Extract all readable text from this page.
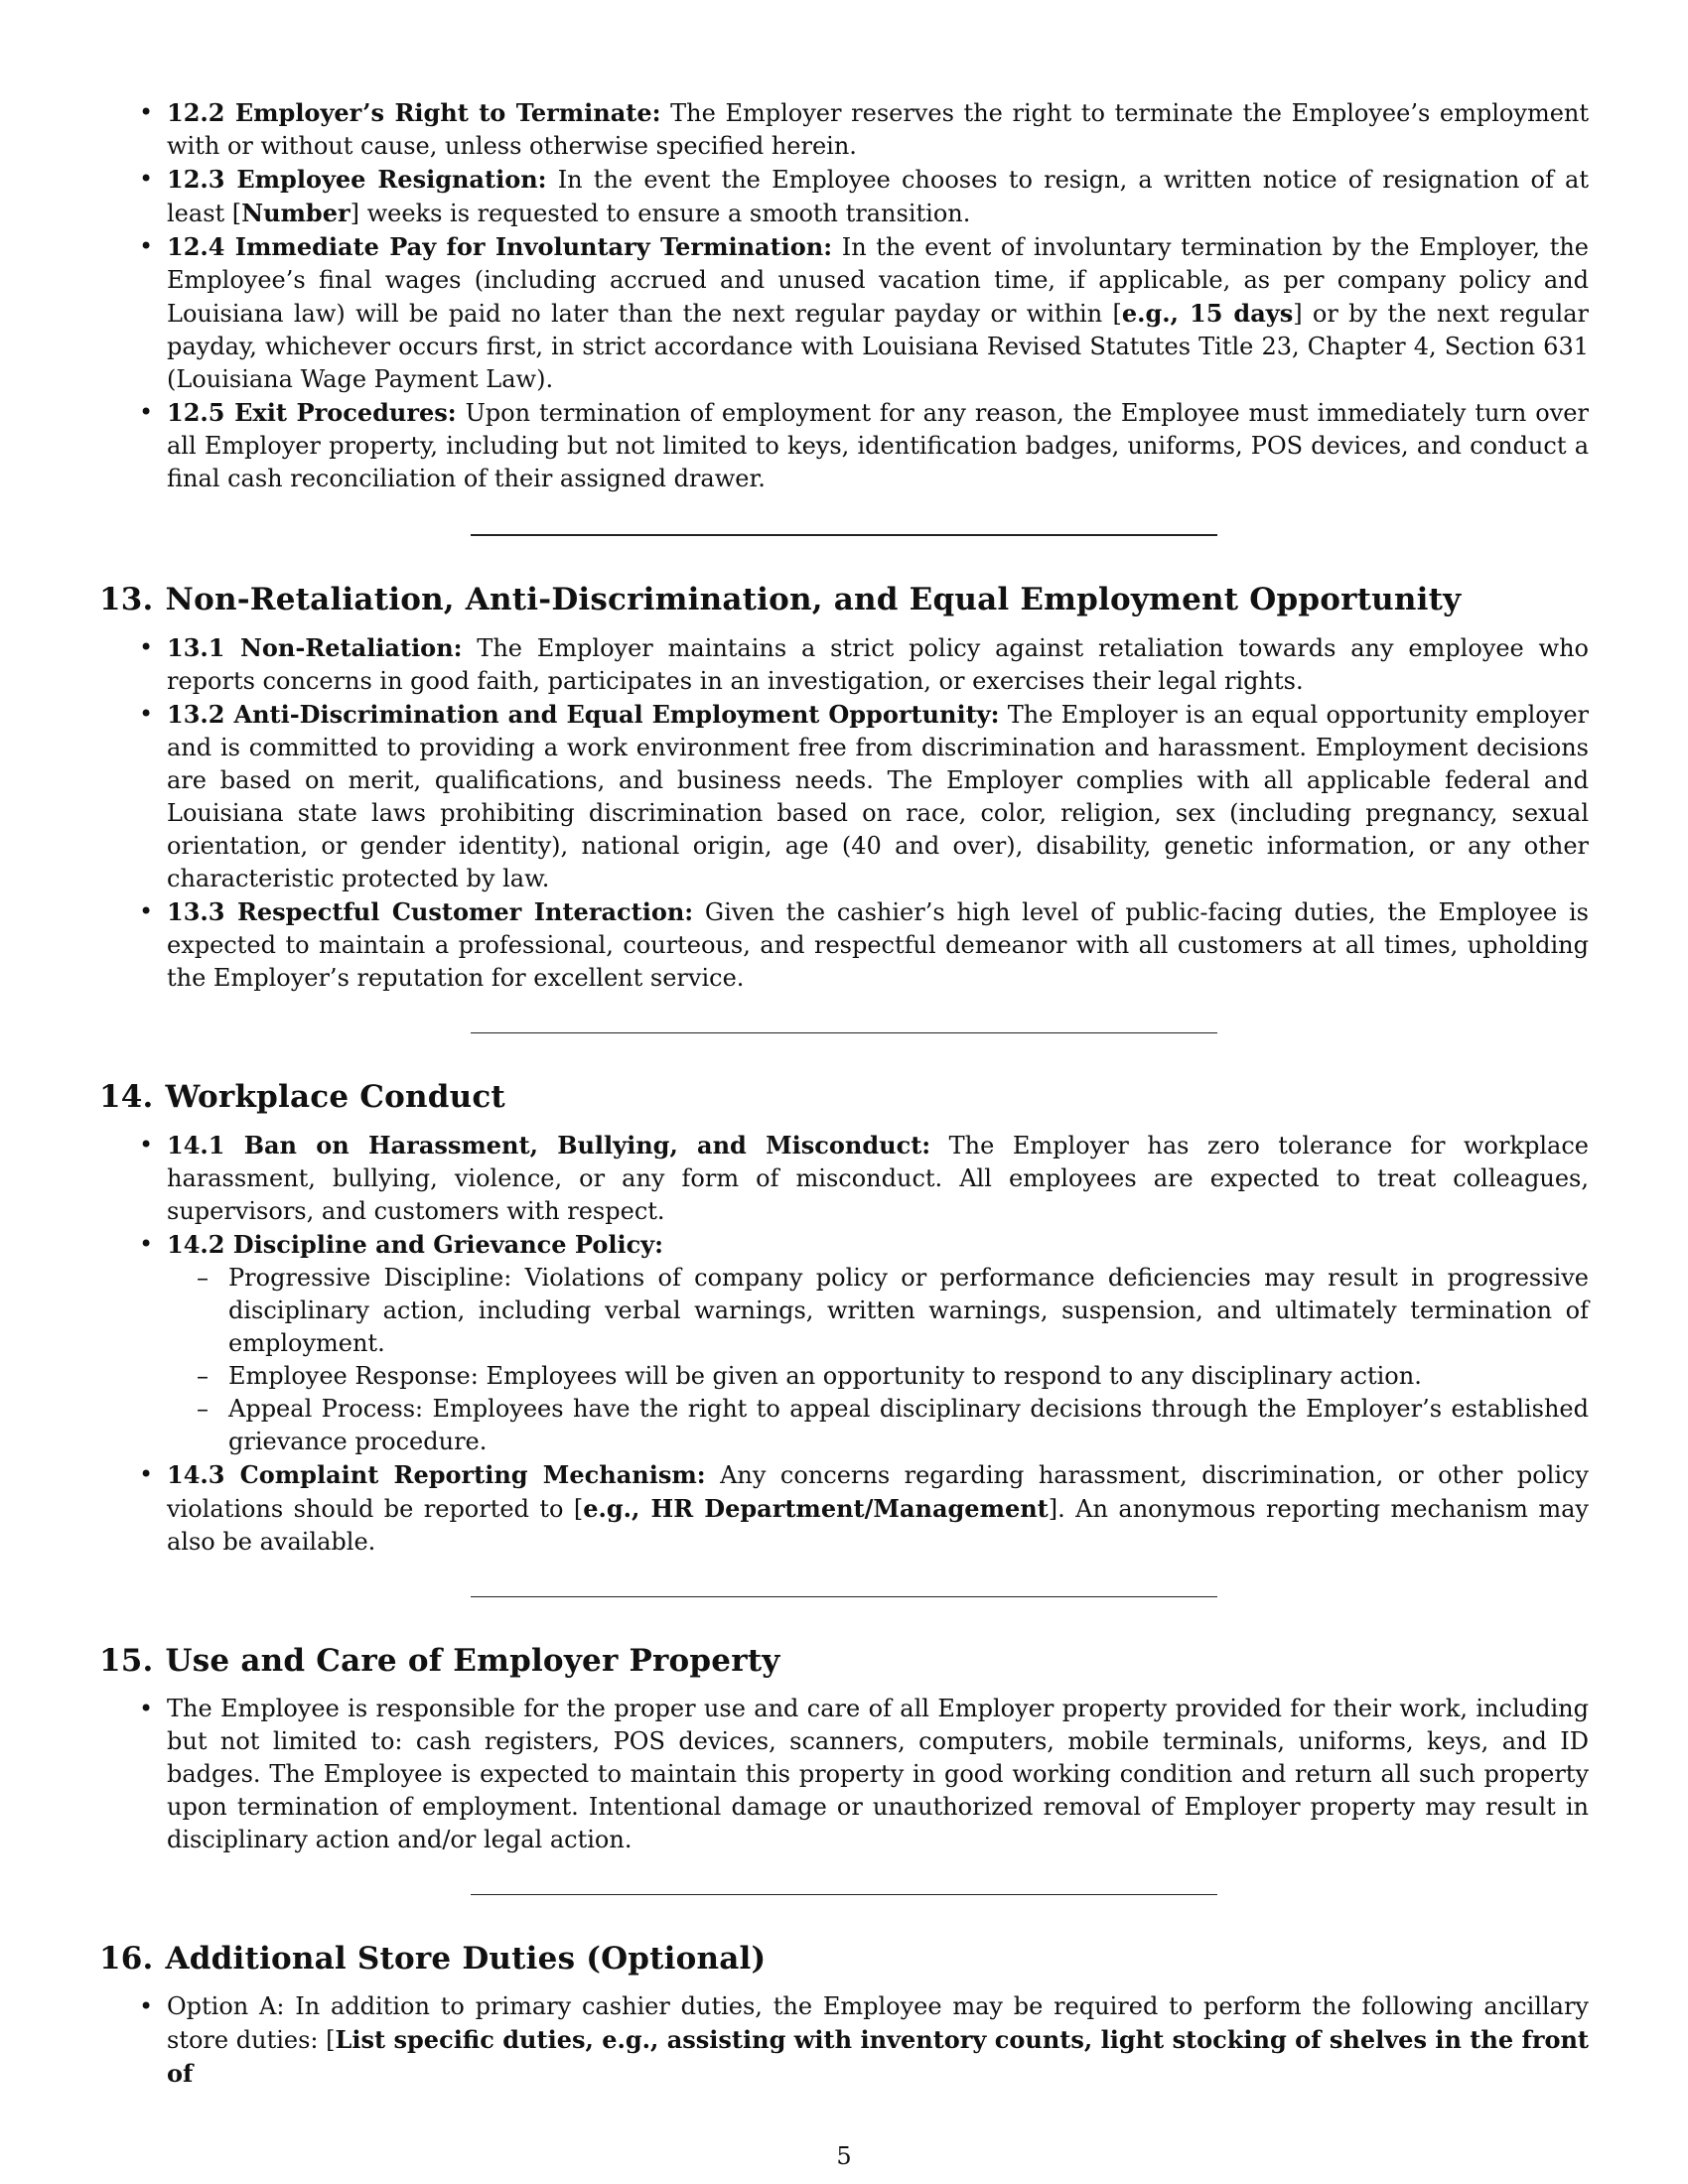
• 12.2 Employer’s Right to Terminate: The Employer reserves the right to terminate the Employee’s employment with or without cause, unless otherwise specified herein.
• 12.3 Employee Resignation: In the event the Employee chooses to resign, a written notice of resignation of at least [Number] weeks is requested to ensure a smooth transition.
• 12.4 Immediate Pay for Involuntary Termination: In the event of involuntary termination by the Employer, the Employee’s final wages (including accrued and unused vacation time, if applicable, as per company policy and Louisiana law) will be paid no later than the next regular payday or within [e.g., 15 days] or by the next regular payday, whichever occurs first, in strict accordance with Louisiana Revised Statutes Title 23, Chapter 4, Section 631 (Louisiana Wage Payment Law).
• 12.5 Exit Procedures: Upon termination of employment for any reason, the Employee must immediately turn over all Employer property, including but not limited to keys, identification badges, uniforms, POS devices, and conduct a final cash reconciliation of their assigned drawer.
13. Non-Retaliation, Anti-Discrimination, and Equal Employment Opportunity
• 13.1 Non-Retaliation: The Employer maintains a strict policy against retaliation towards any employee who reports concerns in good faith, participates in an investigation, or exercises their legal rights.
• 13.2 Anti-Discrimination and Equal Employment Opportunity: The Employer is an equal opportunity employer and is committed to providing a work environment free from discrimination and harassment. Employment decisions are based on merit, qualifications, and business needs. The Employer complies with all applicable federal and Louisiana state laws prohibiting discrimination based on race, color, religion, sex (including pregnancy, sexual orientation, or gender identity), national origin, age (40 and over), disability, genetic information, or any other characteristic protected by law.
• 13.3 Respectful Customer Interaction: Given the cashier’s high level of public-facing duties, the Employee is expected to maintain a professional, courteous, and respectful demeanor with all customers at all times, upholding the Employer’s reputation for excellent service.
14. Workplace Conduct
• 14.1 Ban on Harassment, Bullying, and Misconduct: The Employer has zero tolerance for workplace harassment, bullying, violence, or any form of misconduct. All employees are expected to treat colleagues, supervisors, and customers with respect.
• 14.2 Discipline and Grievance Policy:
– Progressive Discipline: Violations of company policy or performance deficiencies may result in progressive disciplinary action, including verbal warnings, written warnings, suspension, and ultimately termination of employment.
– Employee Response: Employees will be given an opportunity to respond to any disciplinary action.
– Appeal Process: Employees have the right to appeal disciplinary decisions through the Employer’s established grievance procedure.
• 14.3 Complaint Reporting Mechanism: Any concerns regarding harassment, discrimination, or other policy violations should be reported to [e.g., HR Department/Management]. An anonymous reporting mechanism may also be available.
15. Use and Care of Employer Property
• The Employee is responsible for the proper use and care of all Employer property provided for their work, including but not limited to: cash registers, POS devices, scanners, computers, mobile terminals, uniforms, keys, and ID badges. The Employee is expected to maintain this property in good working condition and return all such property upon termination of employment. Intentional damage or unauthorized removal of Employer property may result in disciplinary action and/or legal action.
16. Additional Store Duties (Optional)
• Option A: In addition to primary cashier duties, the Employee may be required to perform the following ancillary store duties: [List specific duties, e.g., assisting with inventory counts, light stocking of shelves in the front of
5
